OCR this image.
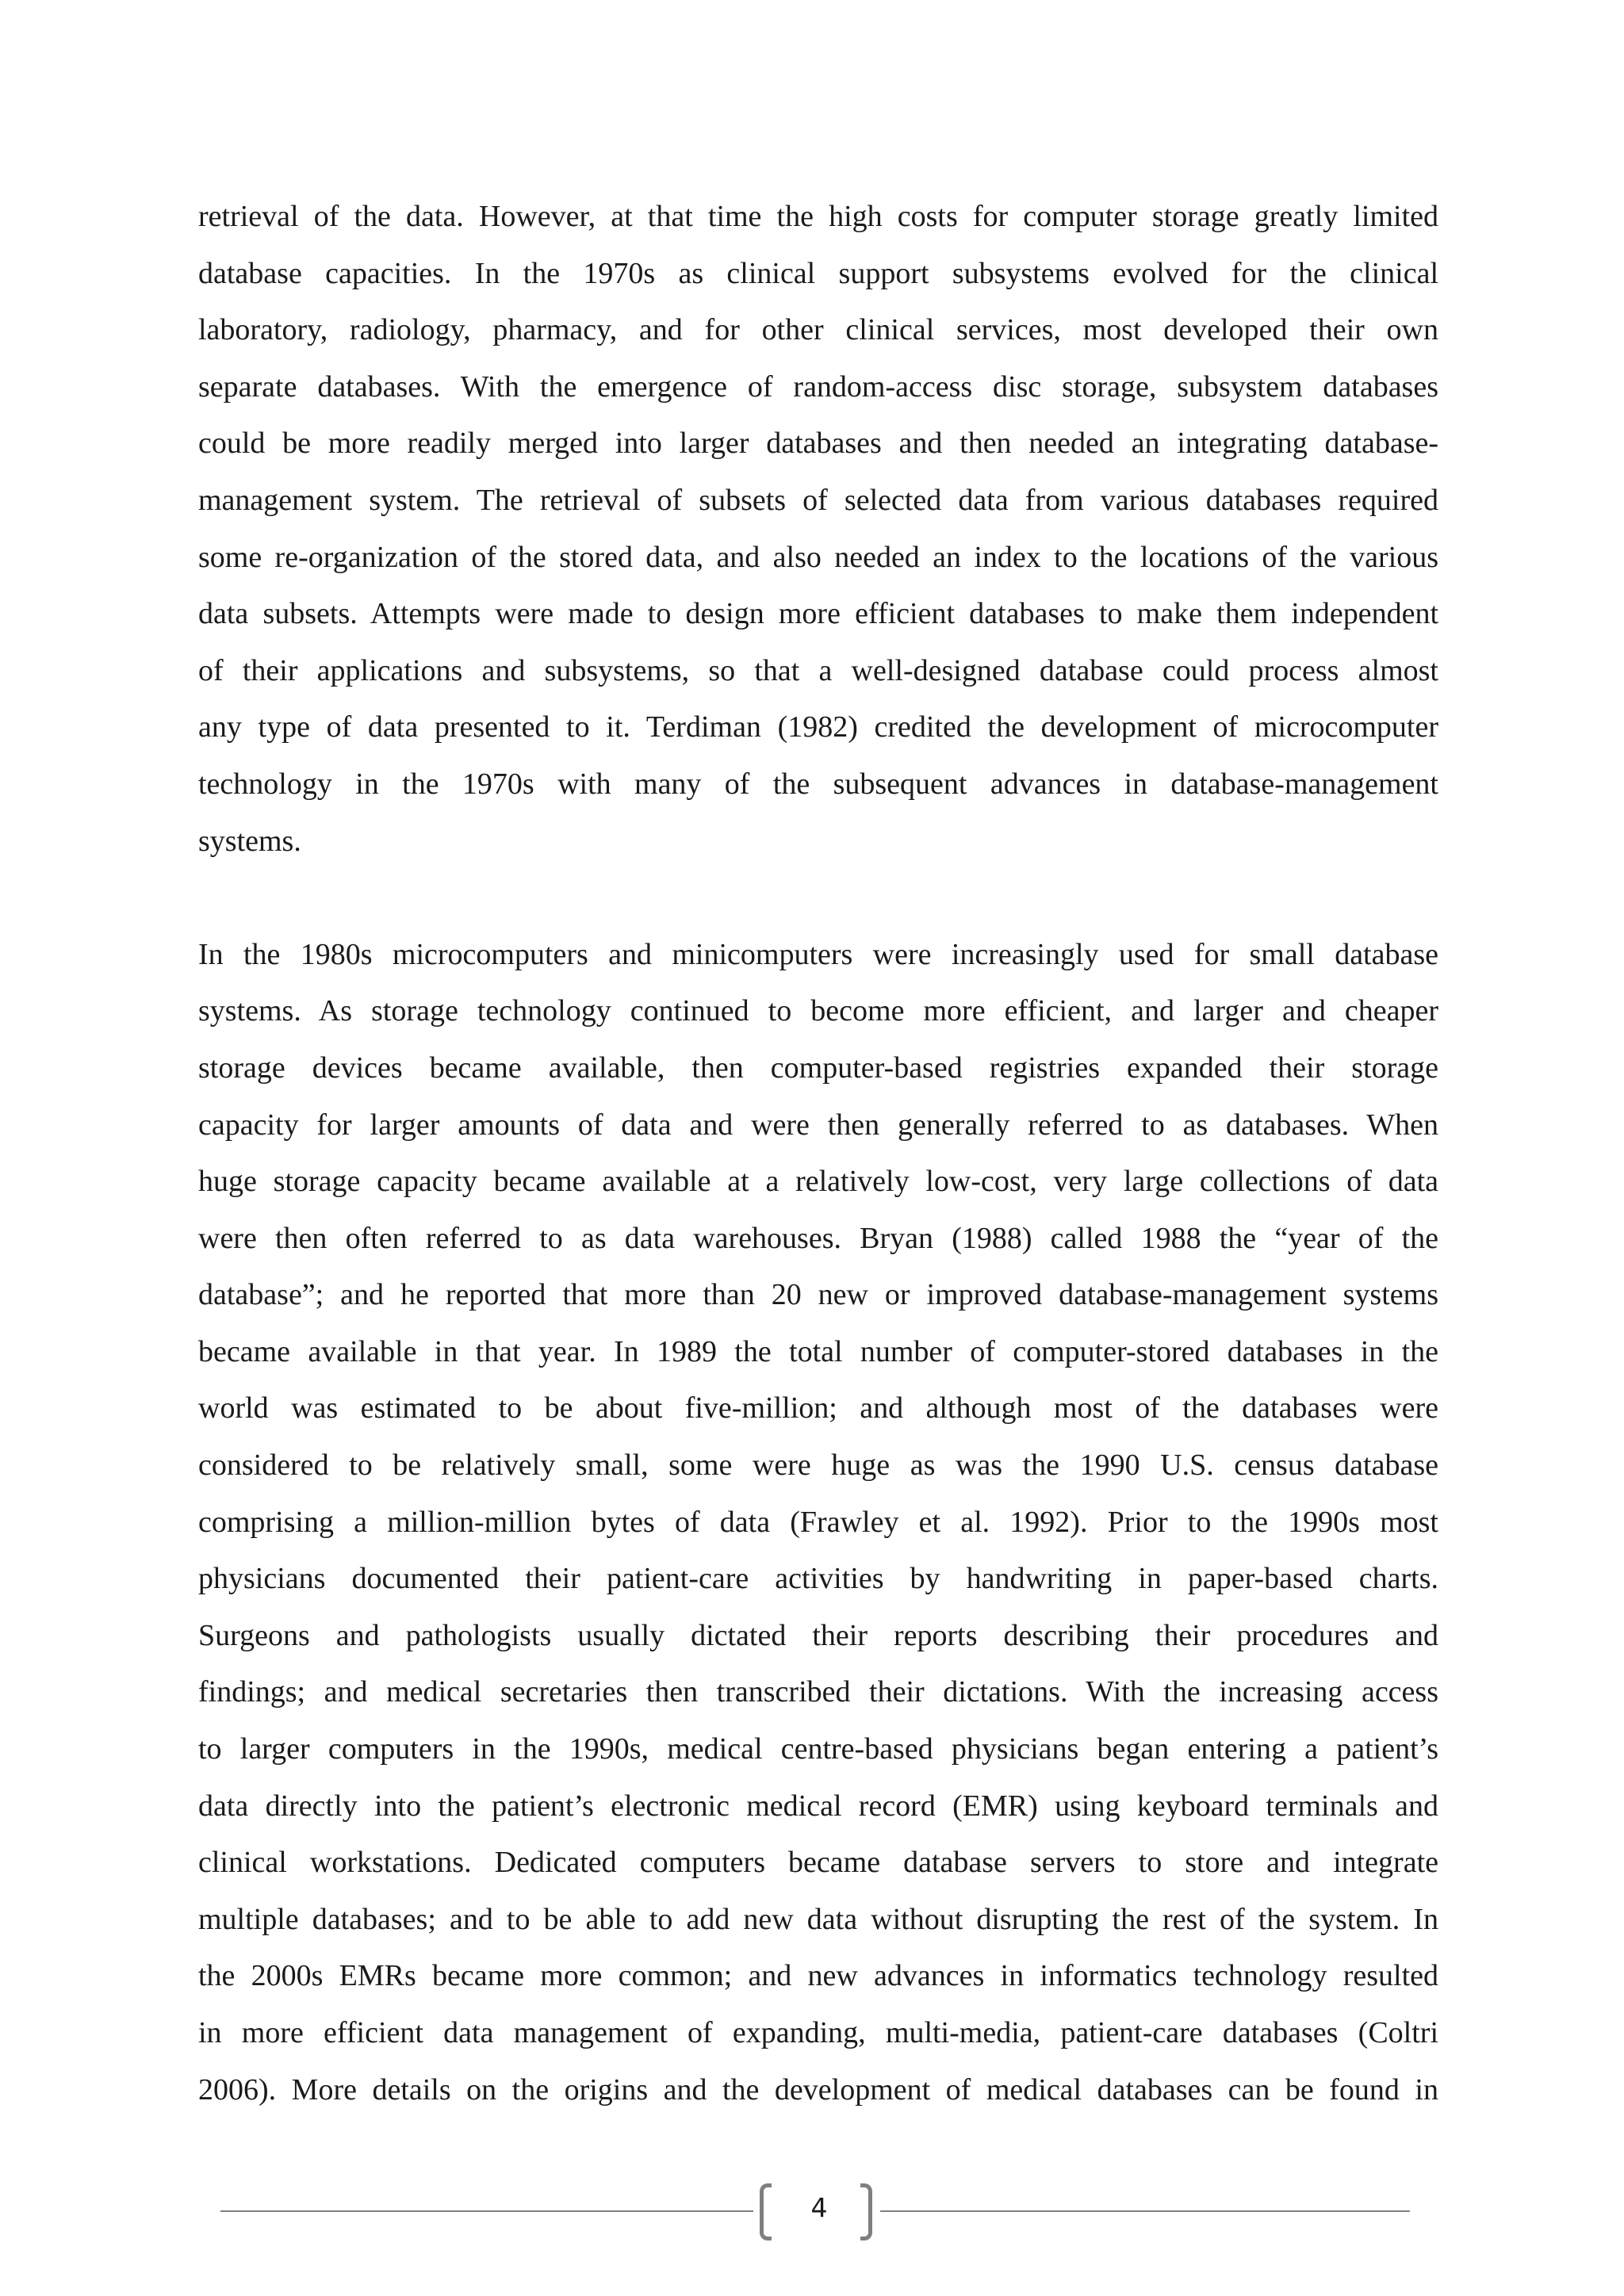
retrieval of the data. However, at that time the high costs for computer storage greatly limited
database capacities. In the 1970s as clinical support subsystems evolved for the clinical
laboratory, radiology, pharmacy, and for other clinical services, most developed their own
separate databases. With the emergence of random-access disc storage, subsystem databases
could be more readily merged into larger databases and then needed an integrating database-
management system. The retrieval of subsets of selected data from various databases required
some re-organization of the stored data, and also needed an index to the locations of the various
data subsets. Attempts were made to design more efficient databases to make them independent
of their applications and subsystems, so that a well-designed database could process almost
any type of data presented to it. Terdiman (1982) credited the development of microcomputer
technology in the 1970s with many of the subsequent advances in database-management
systems.
In the 1980s microcomputers and minicomputers were increasingly used for small database
systems. As storage technology continued to become more efficient, and larger and cheaper
storage devices became available, then computer-based registries expanded their storage
capacity for larger amounts of data and were then generally referred to as databases. When
huge storage capacity became available at a relatively low-cost, very large collections of data
were then often referred to as data warehouses. Bryan (1988) called 1988 the “year of the
database”; and he reported that more than 20 new or improved database-management systems
became available in that year. In 1989 the total number of computer-stored databases in the
world was estimated to be about five-million; and although most of the databases were
considered to be relatively small, some were huge as was the 1990 U.S. census database
comprising a million-million bytes of data (Frawley et al. 1992). Prior to the 1990s most
physicians documented their patient-care activities by handwriting in paper-based charts.
Surgeons and pathologists usually dictated their reports describing their procedures and
findings; and medical secretaries then transcribed their dictations. With the increasing access
to larger computers in the 1990s, medical centre-based physicians began entering a patient’s
data directly into the patient’s electronic medical record (EMR) using keyboard terminals and
clinical workstations. Dedicated computers became database servers to store and integrate
multiple databases; and to be able to add new data without disrupting the rest of the system. In
the 2000s EMRs became more common; and new advances in informatics technology resulted
in more efficient data management of expanding, multi-media, patient-care databases (Coltri
2006). More details on the origins and the development of medical databases can be found in
4
